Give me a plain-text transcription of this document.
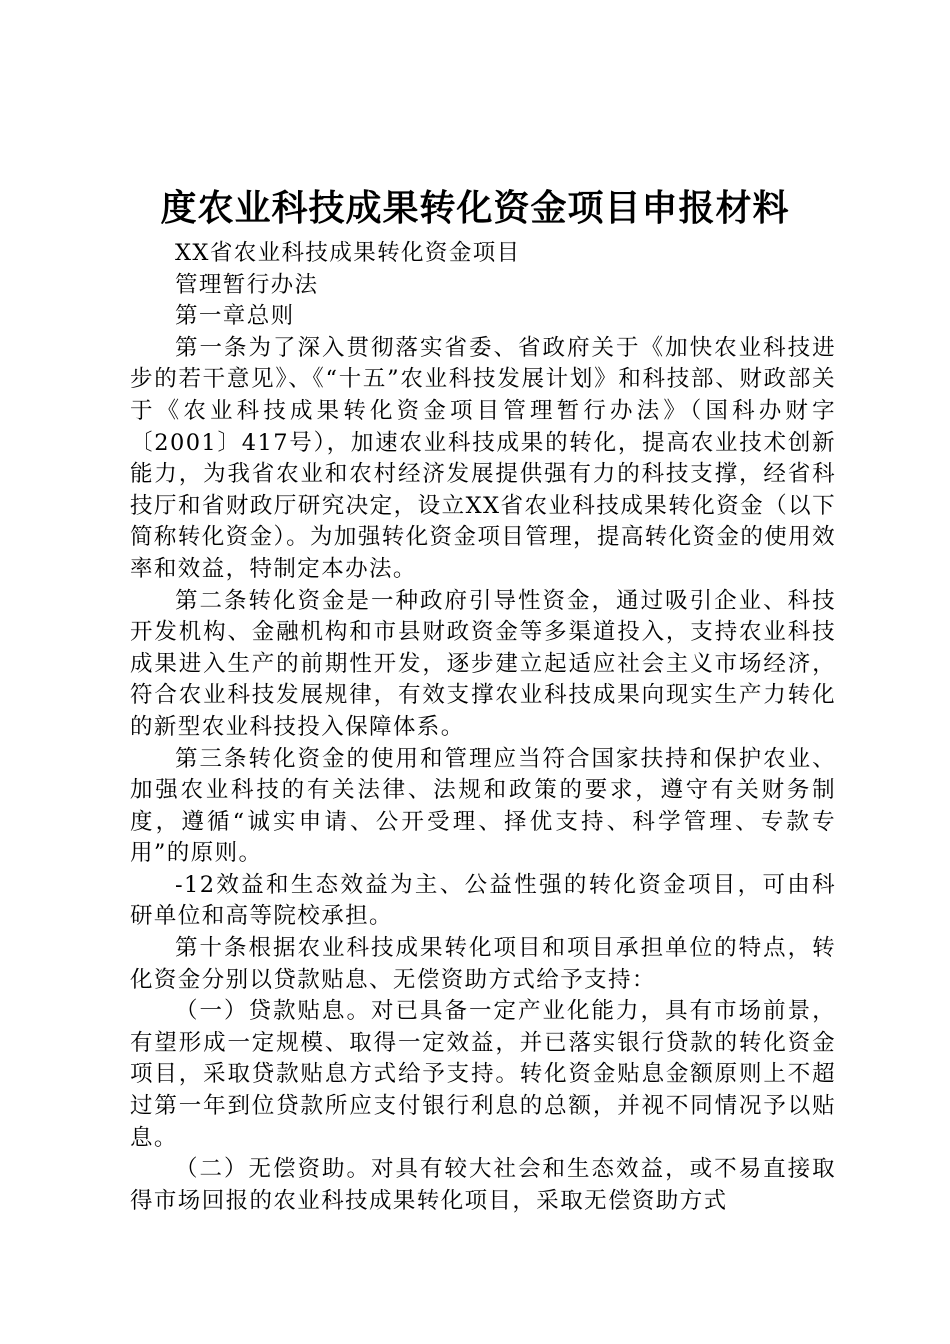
度农业科技成果转化资金项目申报材料

XX省农业科技成果转化资金项目

管理暂行办法

第一章总则

第一条为了深入贯彻落实省委、省政府关于《加快农业科技进步的若干意见》、《“十五”农业科技发展计划》和科技部、财政部关于《农业科技成果转化资金项目管理暂行办法》（国科办财字〔2001〕417号），加速农业科技成果的转化，提高农业技术创新能力，为我省农业和农村经济发展提供强有力的科技支撑，经省科技厅和省财政厅研究决定，设立XX省农业科技成果转化资金（以下简称转化资金）。为加强转化资金项目管理，提高转化资金的使用效率和效益，特制定本办法。

第二条转化资金是一种政府引导性资金，通过吸引企业、科技开发机构、金融机构和市县财政资金等多渠道投入，支持农业科技成果进入生产的前期性开发，逐步建立起适应社会主义市场经济，符合农业科技发展规律，有效支撑农业科技成果向现实生产力转化的新型农业科技投入保障体系。

第三条转化资金的使用和管理应当符合国家扶持和保护农业、加强农业科技的有关法律、法规和政策的要求，遵守有关财务制度，遵循“诚实申请、公开受理、择优支持、科学管理、专款专用”的原则。

-12效益和生态效益为主、公益性强的转化资金项目，可由科研单位和高等院校承担。

第十条根据农业科技成果转化项目和项目承担单位的特点，转化资金分别以贷款贴息、无偿资助方式给予支持：

（一）贷款贴息。对已具备一定产业化能力，具有市场前景，有望形成一定规模、取得一定效益，并已落实银行贷款的转化资金项目，采取贷款贴息方式给予支持。转化资金贴息金额原则上不超过第一年到位贷款所应支付银行利息的总额，并视不同情况予以贴息。

（二）无偿资助。对具有较大社会和生态效益，或不易直接取得市场回报的农业科技成果转化项目，采取无偿资助方式
